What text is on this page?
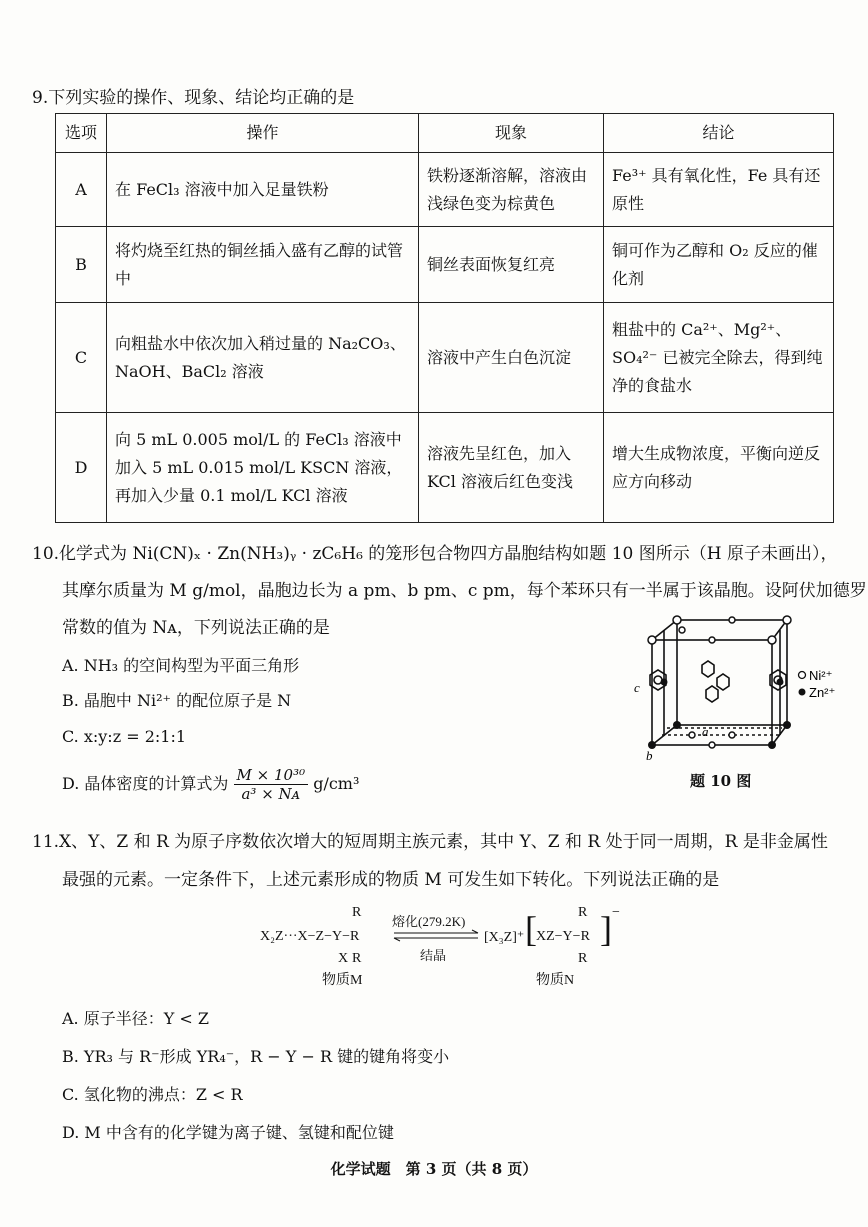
9.下列实验的操作、现象、结论均正确的是
选项	操作	现象	结论
A	在 FeCl₃ 溶液中加入足量铁粉	铁粉逐渐溶解，溶液由浅绿色变为棕黄色	Fe³⁺ 具有氧化性，Fe 具有还原性
B	将灼烧至红热的铜丝插入盛有乙醇的试管中	铜丝表面恢复红亮	铜可作为乙醇和 O₂ 反应的催化剂
C	向粗盐水中依次加入稍过量的 Na₂CO₃、NaOH、BaCl₂ 溶液	溶液中产生白色沉淀	粗盐中的 Ca²⁺、Mg²⁺、SO₄²⁻ 已被完全除去，得到纯净的食盐水
D	向 5 mL 0.005 mol/L 的 FeCl₃ 溶液中加入 5 mL 0.015 mol/L KSCN 溶液，再加入少量 0.1 mol/L KCl 溶液	溶液先呈红色，加入 KCl 溶液后红色变浅	增大生成物浓度，平衡向逆反应方向移动
10.化学式为 Ni(CN)ₓ · Zn(NH₃)ᵧ · zC₆H₆ 的笼形包合物四方晶胞结构如题 10 图所示（H 原子未画出），
其摩尔质量为 M g/mol，晶胞边长为 a pm、b pm、c pm，每个苯环只有一半属于该晶胞。设阿伏加德罗
常数的值为 Nᴀ，下列说法正确的是
A. NH₃ 的空间构型为平面三角形
B. 晶胞中 Ni²⁺ 的配位原子是 N
C. x:y:z = 2:1:1
D. 晶体密度的计算式为 $\frac{\text{M × 10³⁰}}{\text{a³ × Nᴀ}} g/cm^3$
c
a
b
Ni²⁺
Zn²⁺
题 10 图
11.X、Y、Z 和 R 为原子序数依次增大的短周期主族元素，其中 Y、Z 和 R 处于同一周期，R 是非金属性
最强的元素。一定条件下，上述元素形成的物质 M 可发生如下转化。下列说法正确的是
R
X₂Z···X−Z−Y−R
X R
物质M
熔化(279.2K)
结晶
[X₃Z]⁺ [	R
XZ−Y−R
R
] −
物质N
A. 原子半径：Y < Z
B. YR₃ 与 R⁻形成 YR₄⁻，R − Y − R 键的键角将变小
C. 氢化物的沸点：Z < R
D. M 中含有的化学键为离子键、氢键和配位键
化学试题　第 3 页（共 8 页）
